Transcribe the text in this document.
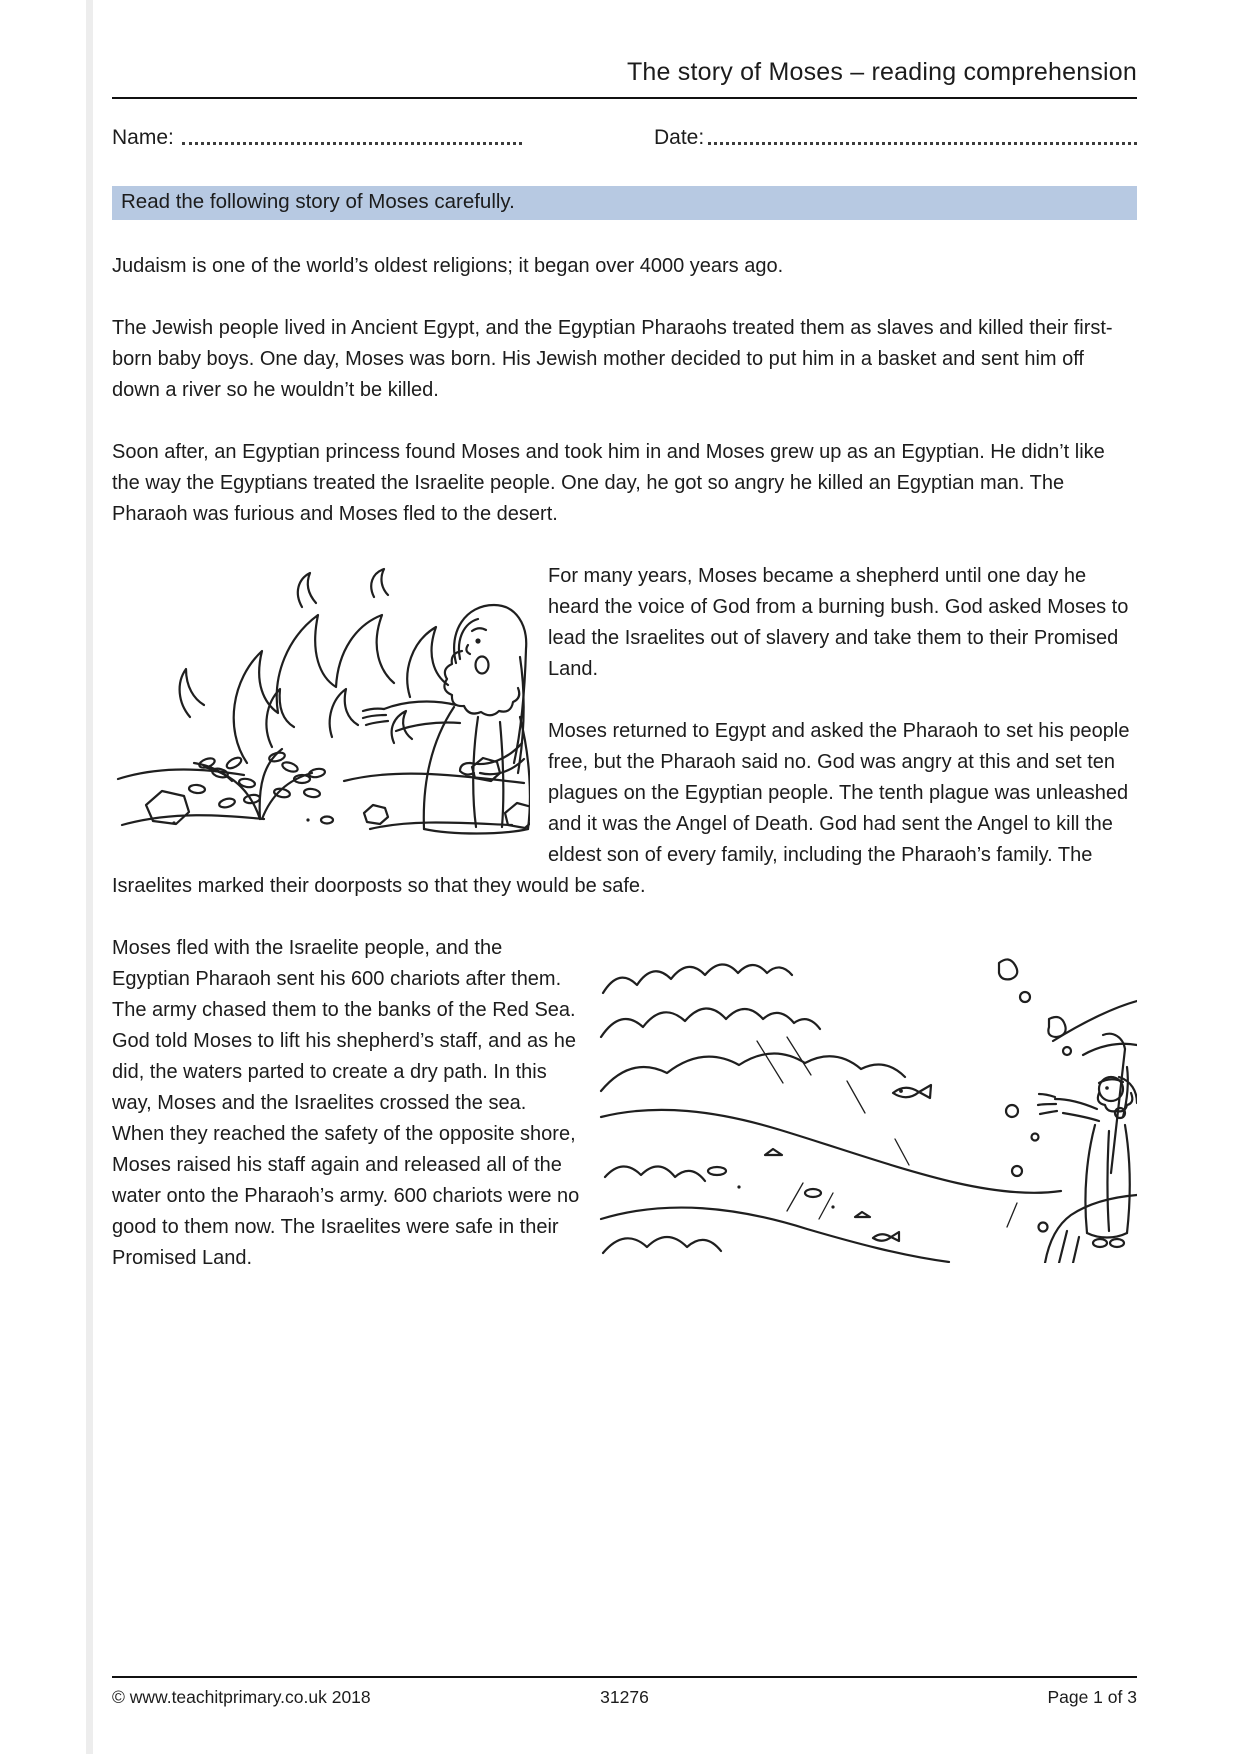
The story of Moses – reading comprehension
Name:	Date:
Read the following story of Moses carefully.

Judaism is one of the world’s oldest religions; it began over 4000 years ago.

The Jewish people lived in Ancient Egypt, and the Egyptian Pharaohs treated them as slaves and killed their first-born baby boys. One day, Moses was born. His Jewish mother decided to put him in a basket and sent him off down a river so he wouldn’t be killed.

Soon after, an Egyptian princess found Moses and took him in and Moses grew up as an Egyptian. He didn’t like the way the Egyptians treated the Israelite people. One day, he got so angry he killed an Egyptian man. The Pharaoh was furious and Moses fled to the desert.

For many years, Moses became a shepherd until one day he heard the voice of God from a burning bush. God asked Moses to lead the Israelites out of slavery and take them to their Promised Land.

Moses returned to Egypt and asked the Pharaoh to set his people free, but the Pharaoh said no. God was angry at this and set ten plagues on the Egyptian people. The tenth plague was unleashed and it was the Angel of Death. God had sent the Angel to kill the eldest son of every family, including the Pharaoh’s family. The Israelites marked their doorposts so that they would be safe.

Moses fled with the Israelite people, and the Egyptian Pharaoh sent his 600 chariots after them. The army chased them to the banks of the Red Sea. God told Moses to lift his shepherd’s staff, and as he did, the waters parted to create a dry path. In this way, Moses and the Israelites crossed the sea. When they reached the safety of the opposite shore, Moses raised his staff again and released all of the water onto the Pharaoh’s army. 600 chariots were no good to them now. The Israelites were safe in their Promised Land.

© www.teachitprimary.co.uk 2018	31276	Page 1 of 3
